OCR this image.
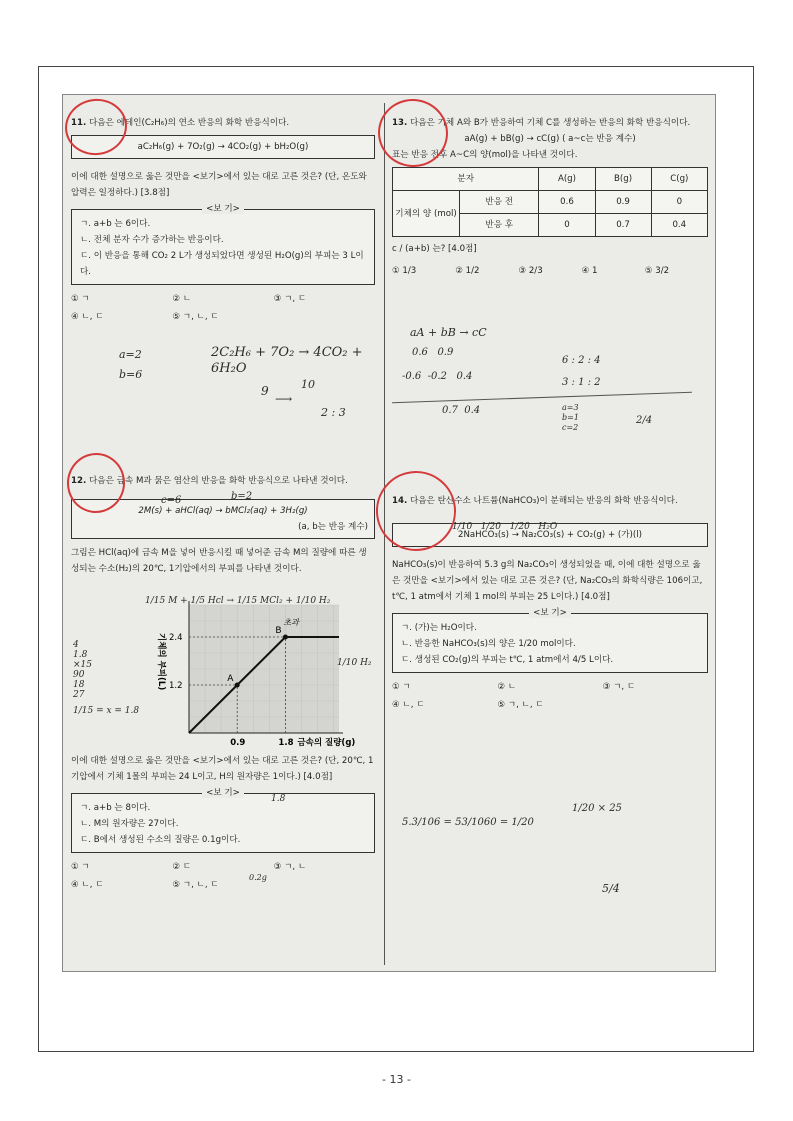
11. 다음은 에테인(C₂H₆)의 연소 반응의 화학 반응식이다.

aC₂H₆(g) + 7O₂(g) → 4CO₂(g) + bH₂O(g)

이에 대한 설명으로 옳은 것만을 <보기>에서 있는 대로 고른 것은? (단, 온도와 압력은 일정하다.) [3.8점]

<보 기>

ㄱ. a+b 는 6이다.

ㄴ. 전체 분자 수가 증가하는 반응이다.

ㄷ. 이 반응을 통해 CO₂ 2 L가 생성되었다면 생성된 H₂O(g)의 부피는 3 L이다.

① ㄱ	② ㄴ	③ ㄱ, ㄷ
④ ㄴ, ㄷ	⑤ ㄱ, ㄴ, ㄷ
a=2
b=6
2C₂H₆ + 7O₂ → 4CO₂ + 6H₂O
9
⟶
10
2 : 3

12. 다음은 금속 M과 묽은 염산의 반응을 화학 반응식으로 나타낸 것이다.

2M(s) + aHCl(aq) → bMCl₂(aq) + 3H₂(g)
(a, b는 반응 계수)

그림은 HCl(aq)에 금속 M을 넣어 반응시킬 때 넣어준 금속 M의 질량에 따른 생성되는 수소(H₂)의 20℃, 1기압에서의 부피를 나타낸 것이다.

A
B
0.9	1.8
1.2
2.4
금속의 질량(g)
기체의 부피(L)
초과

이에 대한 설명으로 옳은 것만을 <보기>에서 있는 대로 고른 것은? (단, 20℃, 1기압에서 기체 1몰의 부피는 24 L이고, H의 원자량은 1이다.) [4.0점]

<보 기>

ㄱ. a+b 는 8이다.

ㄴ. M의 원자량은 27이다.

ㄷ. B에서 생성된 수소의 질량은 0.1g이다.

① ㄱ	② ㄷ	③ ㄱ, ㄴ
④ ㄴ, ㄷ	⑤ ㄱ, ㄴ, ㄷ
c=6	b=2
1/15 M + 1/5 Hcl → 1/15 MCl₂ + 1/10 H₂
4
1.8
×15
90
18
27
1/15 = x = 1.8
1/10 H₂
1.8
0.2g

13. 다음은 기체 A와 B가 반응하여 기체 C를 생성하는 반응의 화학 반응식이다.

aA(g) + bB(g) → cC(g) ( a~c는 반응 계수)

표는 반응 전후 A~C의 양(mol)을 나타낸 것이다.

분자		A(g)	B(g)	C(g)
기체의 양 (mol)	반응 전	0.6	0.9	0
	반응 후	0	0.7	0.4

c / (a+b) 는? [4.0점]

① 1/3	② 1/2	③ 2/3	④ 1	⑤ 3/2
aA + bB → cC
0.6   0.9
-0.6  -0.2   0.4
0.7  0.4
6 : 2 : 4
3 : 1 : 2
a=3
b=1
c=2
2/4

14. 다음은 탄산수소 나트륨(NaHCO₃)이 분해되는 반응의 화학 반응식이다.

2NaHCO₃(s) → Na₂CO₃(s) + CO₂(g) + (가)(l)

NaHCO₃(s)이 반응하여 5.3 g의 Na₂CO₃이 생성되었을 때, 이에 대한 설명으로 옳은 것만을 <보기>에서 있는 대로 고른 것은? (단, Na₂CO₃의 화학식량은 106이고, t℃, 1 atm에서 기체 1 mol의 부피는 25 L이다.) [4.0점]

<보 기>

ㄱ. (가)는 H₂O이다.

ㄴ. 반응한 NaHCO₃(s)의 양은 1/20 mol이다.

ㄷ. 생성된 CO₂(g)의 부피는 t℃, 1 atm에서 4/5 L이다.

① ㄱ	② ㄴ	③ ㄱ, ㄷ
④ ㄴ, ㄷ	⑤ ㄱ, ㄴ, ㄷ
1/10   1/20   1/20   H₂O
5.3/106 = 53/1060 = 1/20
1/20 × 25
5/4
- 13 -
